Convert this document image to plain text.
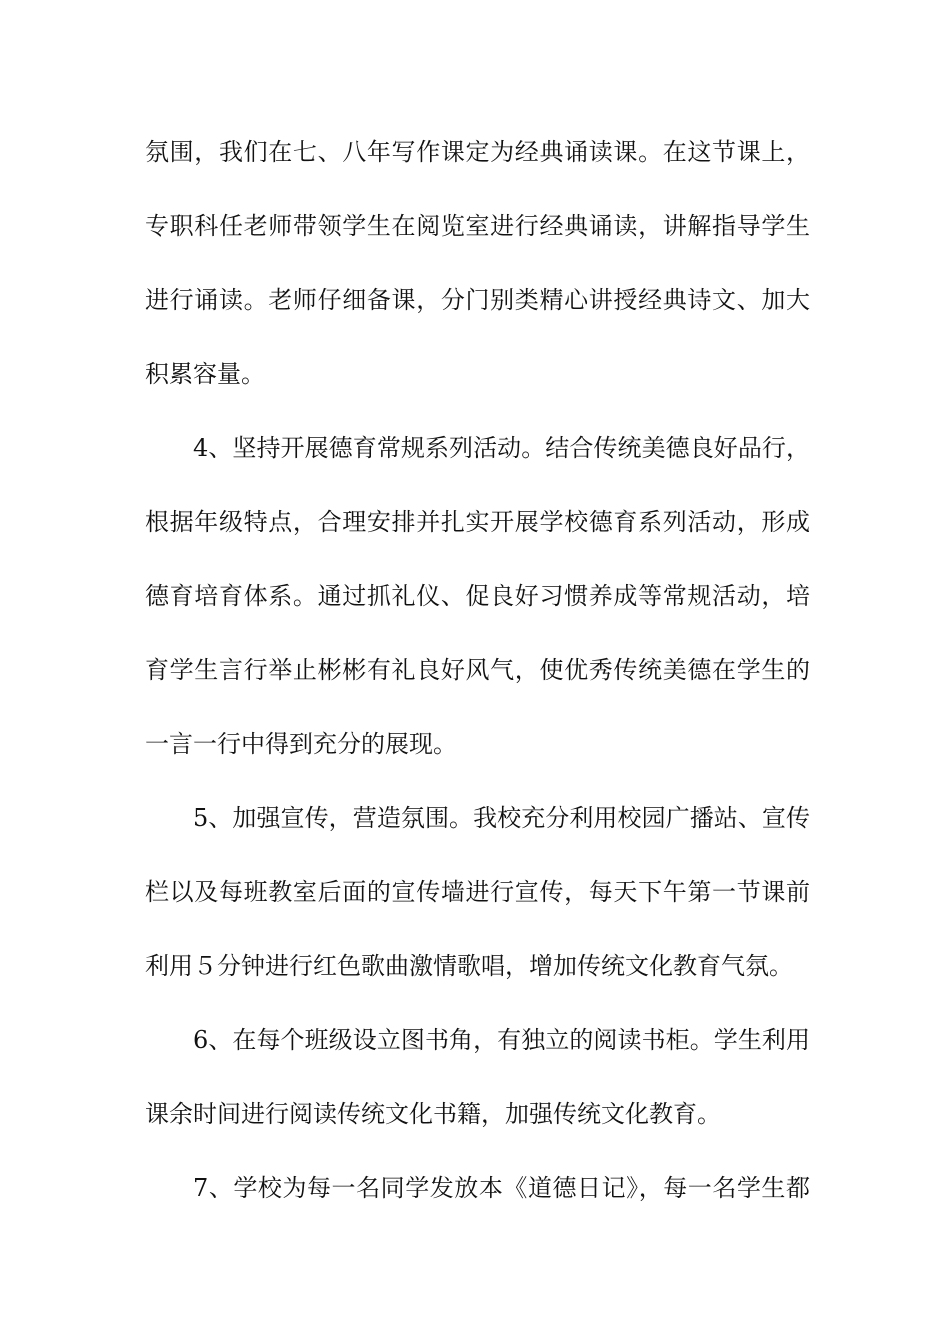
氛围，我们在七、八年写作课定为经典诵读课。在这节课上，
专职科任老师带领学生在阅览室进行经典诵读，讲解指导学生
进行诵读。老师仔细备课，分门别类精心讲授经典诗文、加大
积累容量。
4、坚持开展德育常规系列活动。结合传统美德良好品行，
根据年级特点，合理安排并扎实开展学校德育系列活动，形成
德育培育体系。通过抓礼仪、促良好习惯养成等常规活动，培
育学生言行举止彬彬有礼良好风气，使优秀传统美德在学生的
一言一行中得到充分的展现。
5、加强宣传，营造氛围。我校充分利用校园广播站、宣传
栏以及每班教室后面的宣传墙进行宣传，每天下午第一节课前
利用５分钟进行红色歌曲激情歌唱，增加传统文化教育气氛。
6、在每个班级设立图书角，有独立的阅读书柜。学生利用
课余时间进行阅读传统文化书籍，加强传统文化教育。
7、学校为每一名同学发放本《道德日记》，每一名学生都
